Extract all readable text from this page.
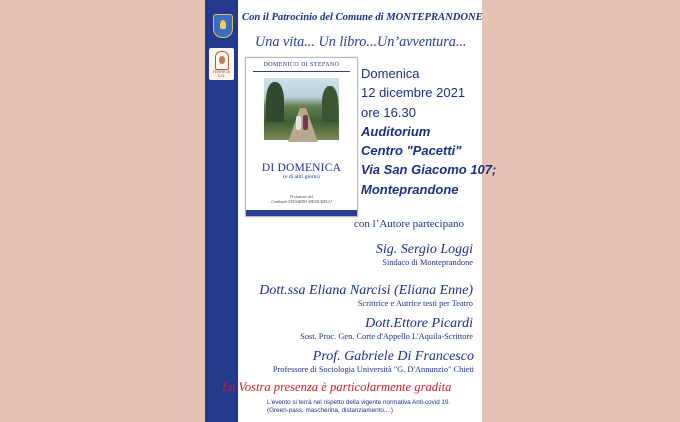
TERRE DI S.N.
Con il Patrocinio del Comune di MONTEPRANDONE
Una vita... Un libro...Un’avventura...
DOMENICO DI STEFANO
DI DOMENICA
(e di altri giorni)
Prefazione del
Cardinale EDOARDO MENICHELLI
Domenica
12 dicembre 2021
ore 16.30
Auditorium
Centro "Pacetti"
Via San Giacomo 107;
Monteprandone
con l’Autore partecipano
Sig. Sergio Loggi
Sindaco di Monteprandone
Dott.ssa Eliana Narcisi (Eliana Enne)
Scrittrice e Autrice testi per Teatro
Dott.Ettore Picardi
Sost. Proc. Gen. Corte d'Appello L'Aquila-Scrittore
Prof. Gabriele Di Francesco
Professore di Sociologia Università "G. D'Annunzio" Chieti
La Vostra presenza è particolarmente gradita
L'evento si terrà nel rispetto della vigente normativa Anti-covid 19.
(Green-pass, mascherina, distanziamento....)
